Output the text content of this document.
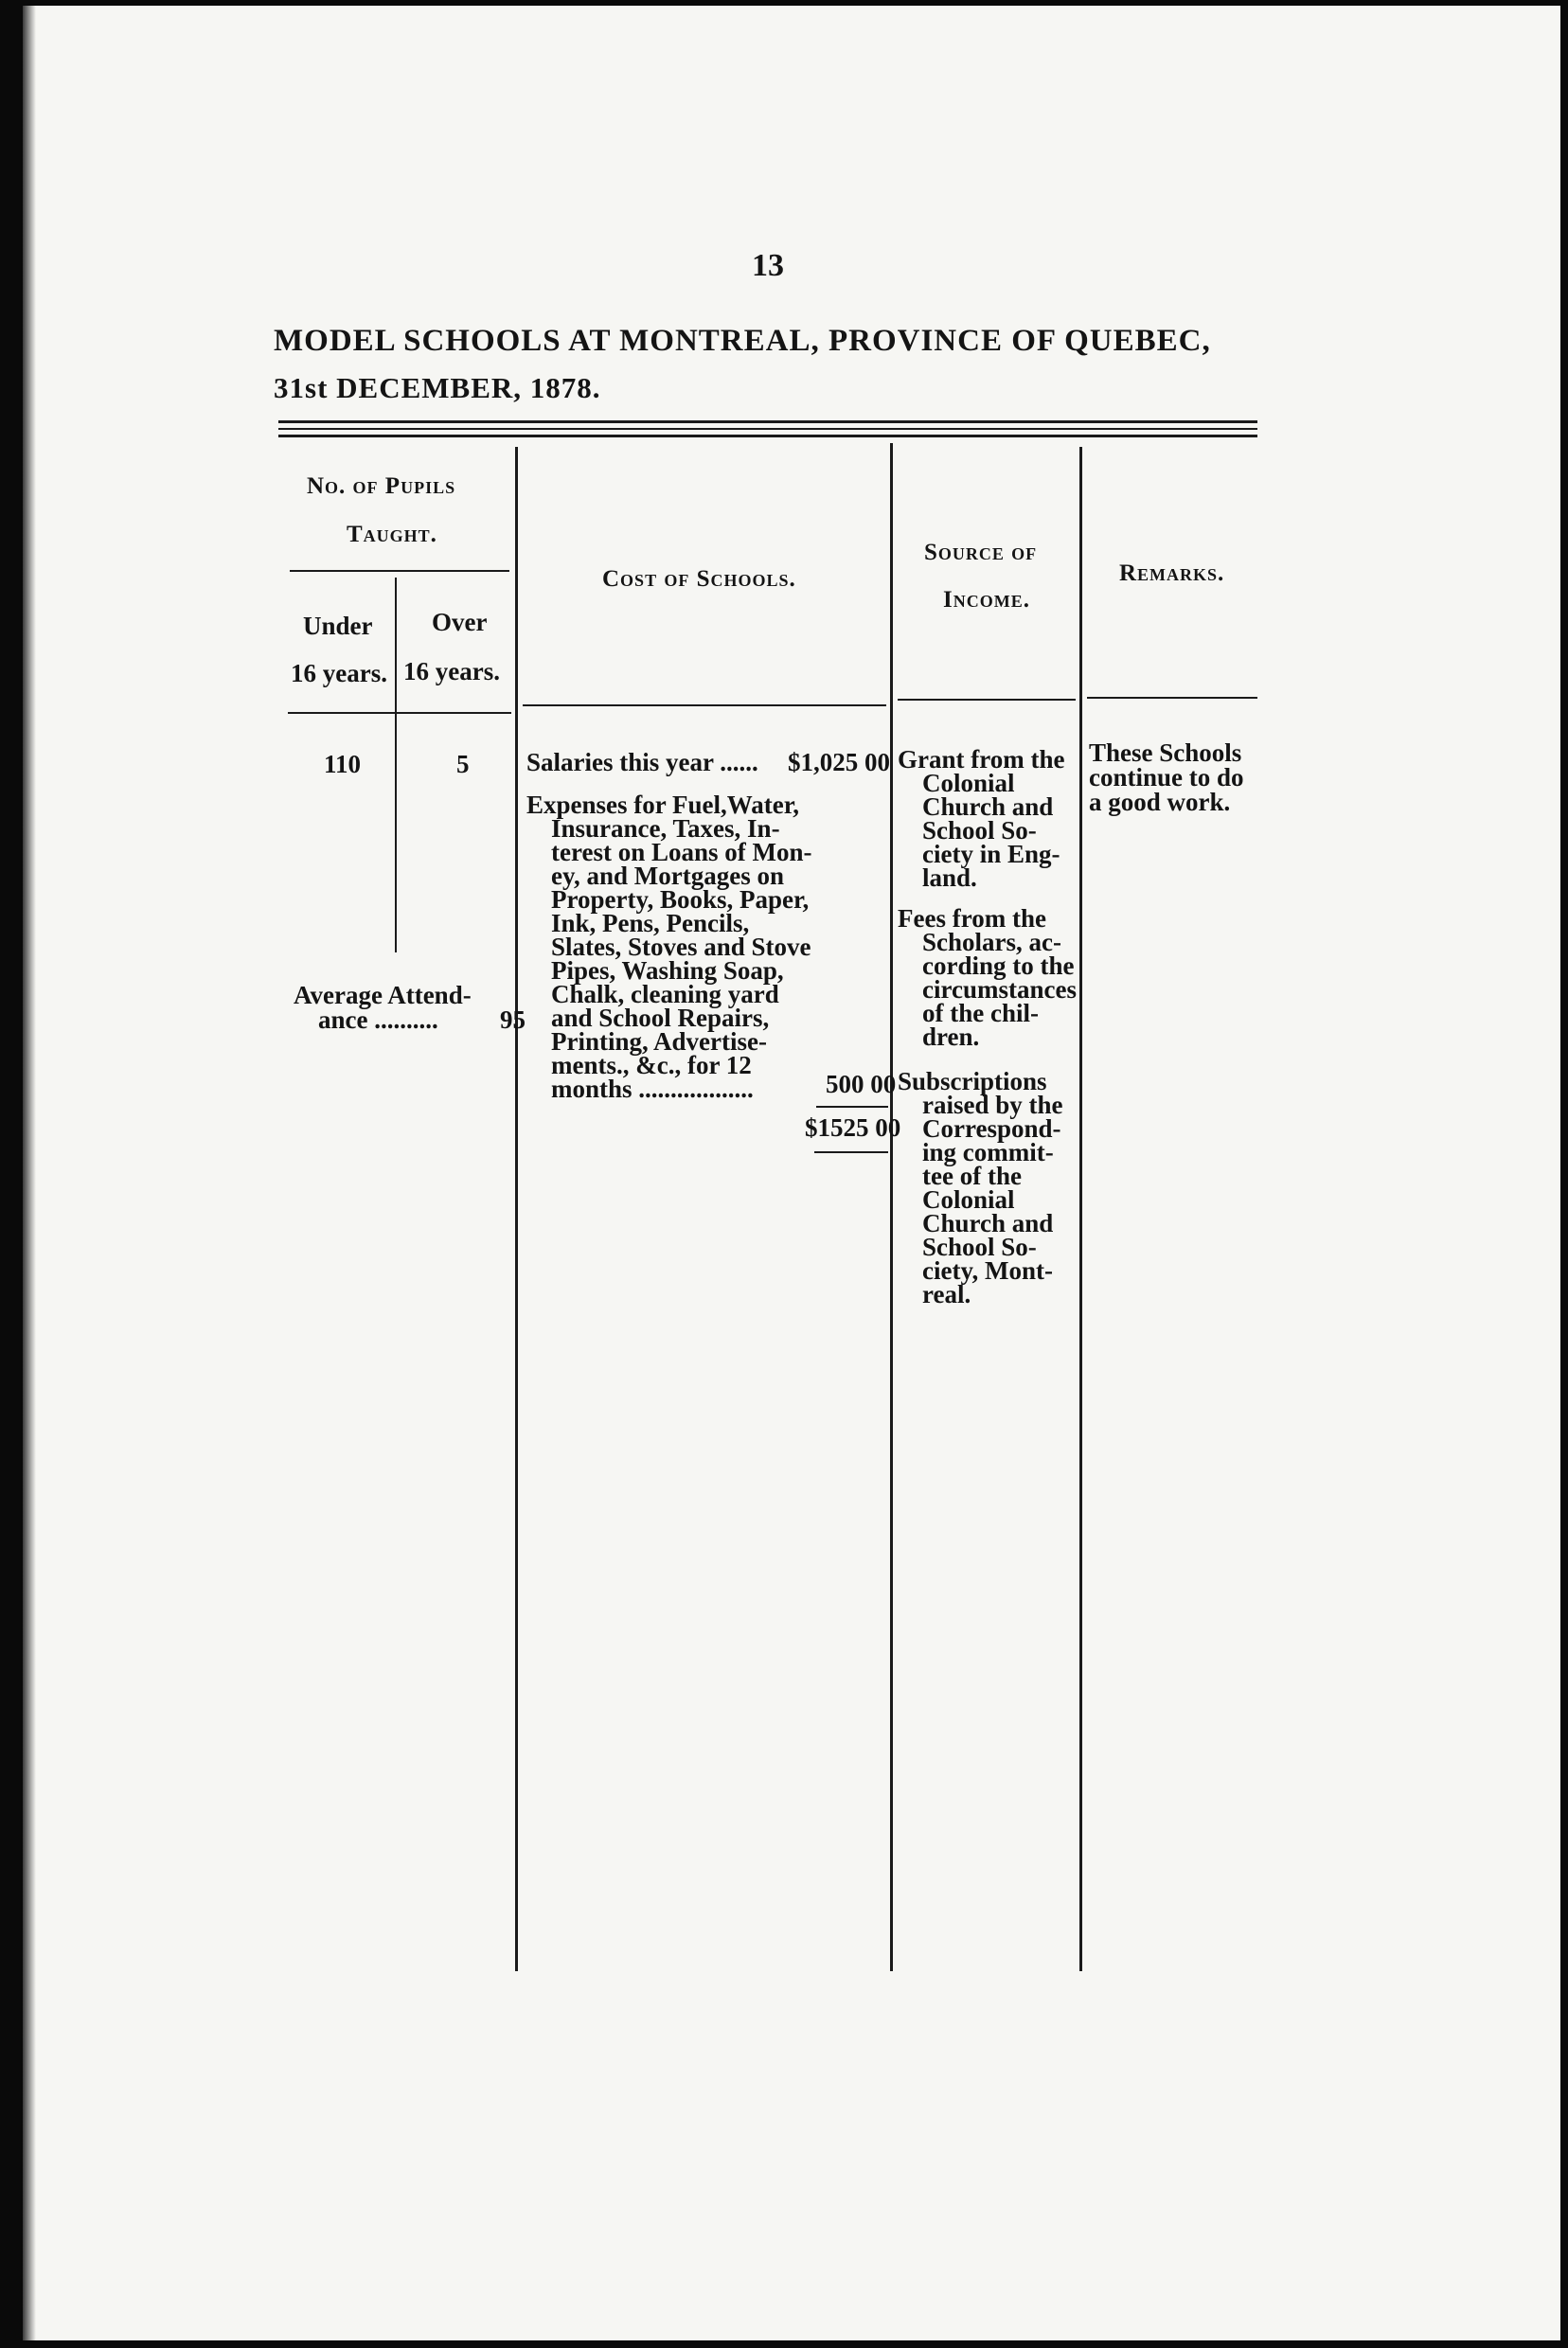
13
MODEL SCHOOLS AT MONTREAL, PROVINCE OF QUEBEC,
31st DECEMBER, 1878.
No. of Pupils
Taught.
Under
16 years.
Over
16 years.
Cost of Schools.
Source of
Income.
Remarks.
110	5
Average Attend-
ance .......... 95
Salaries this year ...... $1,025 00
Expenses for Fuel,Water,
Insurance, Taxes, In-
terest on Loans of Mon-
ey, and Mortgages on
Property, Books, Paper,
Ink, Pens, Pencils,
Slates, Stoves and Stove
Pipes, Washing Soap,
Chalk, cleaning yard
and School Repairs,
Printing, Advertise-
ments., &c., for 12
months ..................	500 00
$1525 00
Grant from the
Colonial
Church and
School So-
ciety in Eng-
land.
Fees from the
Scholars, ac-
cording to the
circumstances
of the chil-
dren.
Subscriptions
raised by the
Correspond-
ing commit-
tee of the
Colonial
Church and
School So-
ciety, Mont-
real.
These Schools
continue to do
a good work.
